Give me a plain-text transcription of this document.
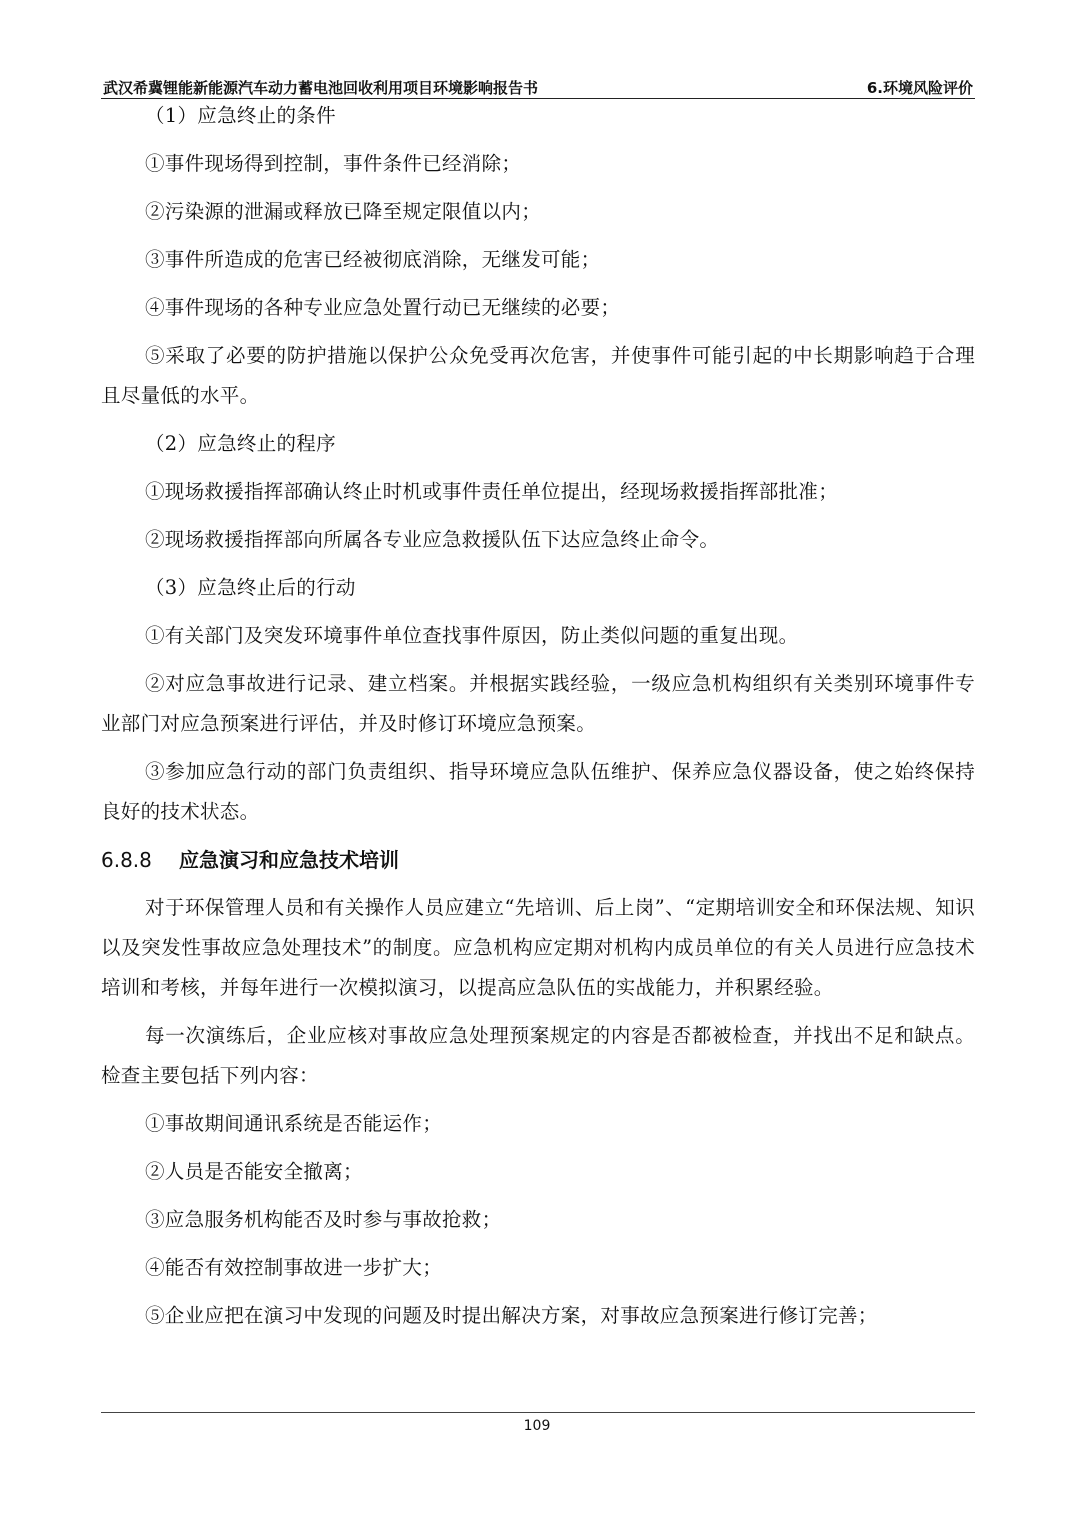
武汉希冀锂能新能源汽车动力蓄电池回收利用项目环境影响报告书	6.环境风险评价

（1）应急终止的条件

①事件现场得到控制，事件条件已经消除；

②污染源的泄漏或释放已降至规定限值以内；

③事件所造成的危害已经被彻底消除，无继发可能；

④事件现场的各种专业应急处置行动已无继续的必要；

⑤采取了必要的防护措施以保护公众免受再次危害，并使事件可能引起的中长期影响趋于合理且尽量低的水平。

（2）应急终止的程序

①现场救援指挥部确认终止时机或事件责任单位提出，经现场救援指挥部批准；

②现场救援指挥部向所属各专业应急救援队伍下达应急终止命令。

（3）应急终止后的行动

①有关部门及突发环境事件单位查找事件原因，防止类似问题的重复出现。

②对应急事故进行记录、建立档案。并根据实践经验，一级应急机构组织有关类别环境事件专业部门对应急预案进行评估，并及时修订环境应急预案。

③参加应急行动的部门负责组织、指导环境应急队伍维护、保养应急仪器设备，使之始终保持良好的技术状态。

6.8.8 应急演习和应急技术培训

对于环保管理人员和有关操作人员应建立“先培训、后上岗”、“定期培训安全和环保法规、知识以及突发性事故应急处理技术”的制度。应急机构应定期对机构内成员单位的有关人员进行应急技术培训和考核，并每年进行一次模拟演习，以提高应急队伍的实战能力，并积累经验。

每一次演练后，企业应核对事故应急处理预案规定的内容是否都被检查，并找出不足和缺点。检查主要包括下列内容：

①事故期间通讯系统是否能运作；

②人员是否能安全撤离；

③应急服务机构能否及时参与事故抢救；

④能否有效控制事故进一步扩大；

⑤企业应把在演习中发现的问题及时提出解决方案，对事故应急预案进行修订完善；

109
